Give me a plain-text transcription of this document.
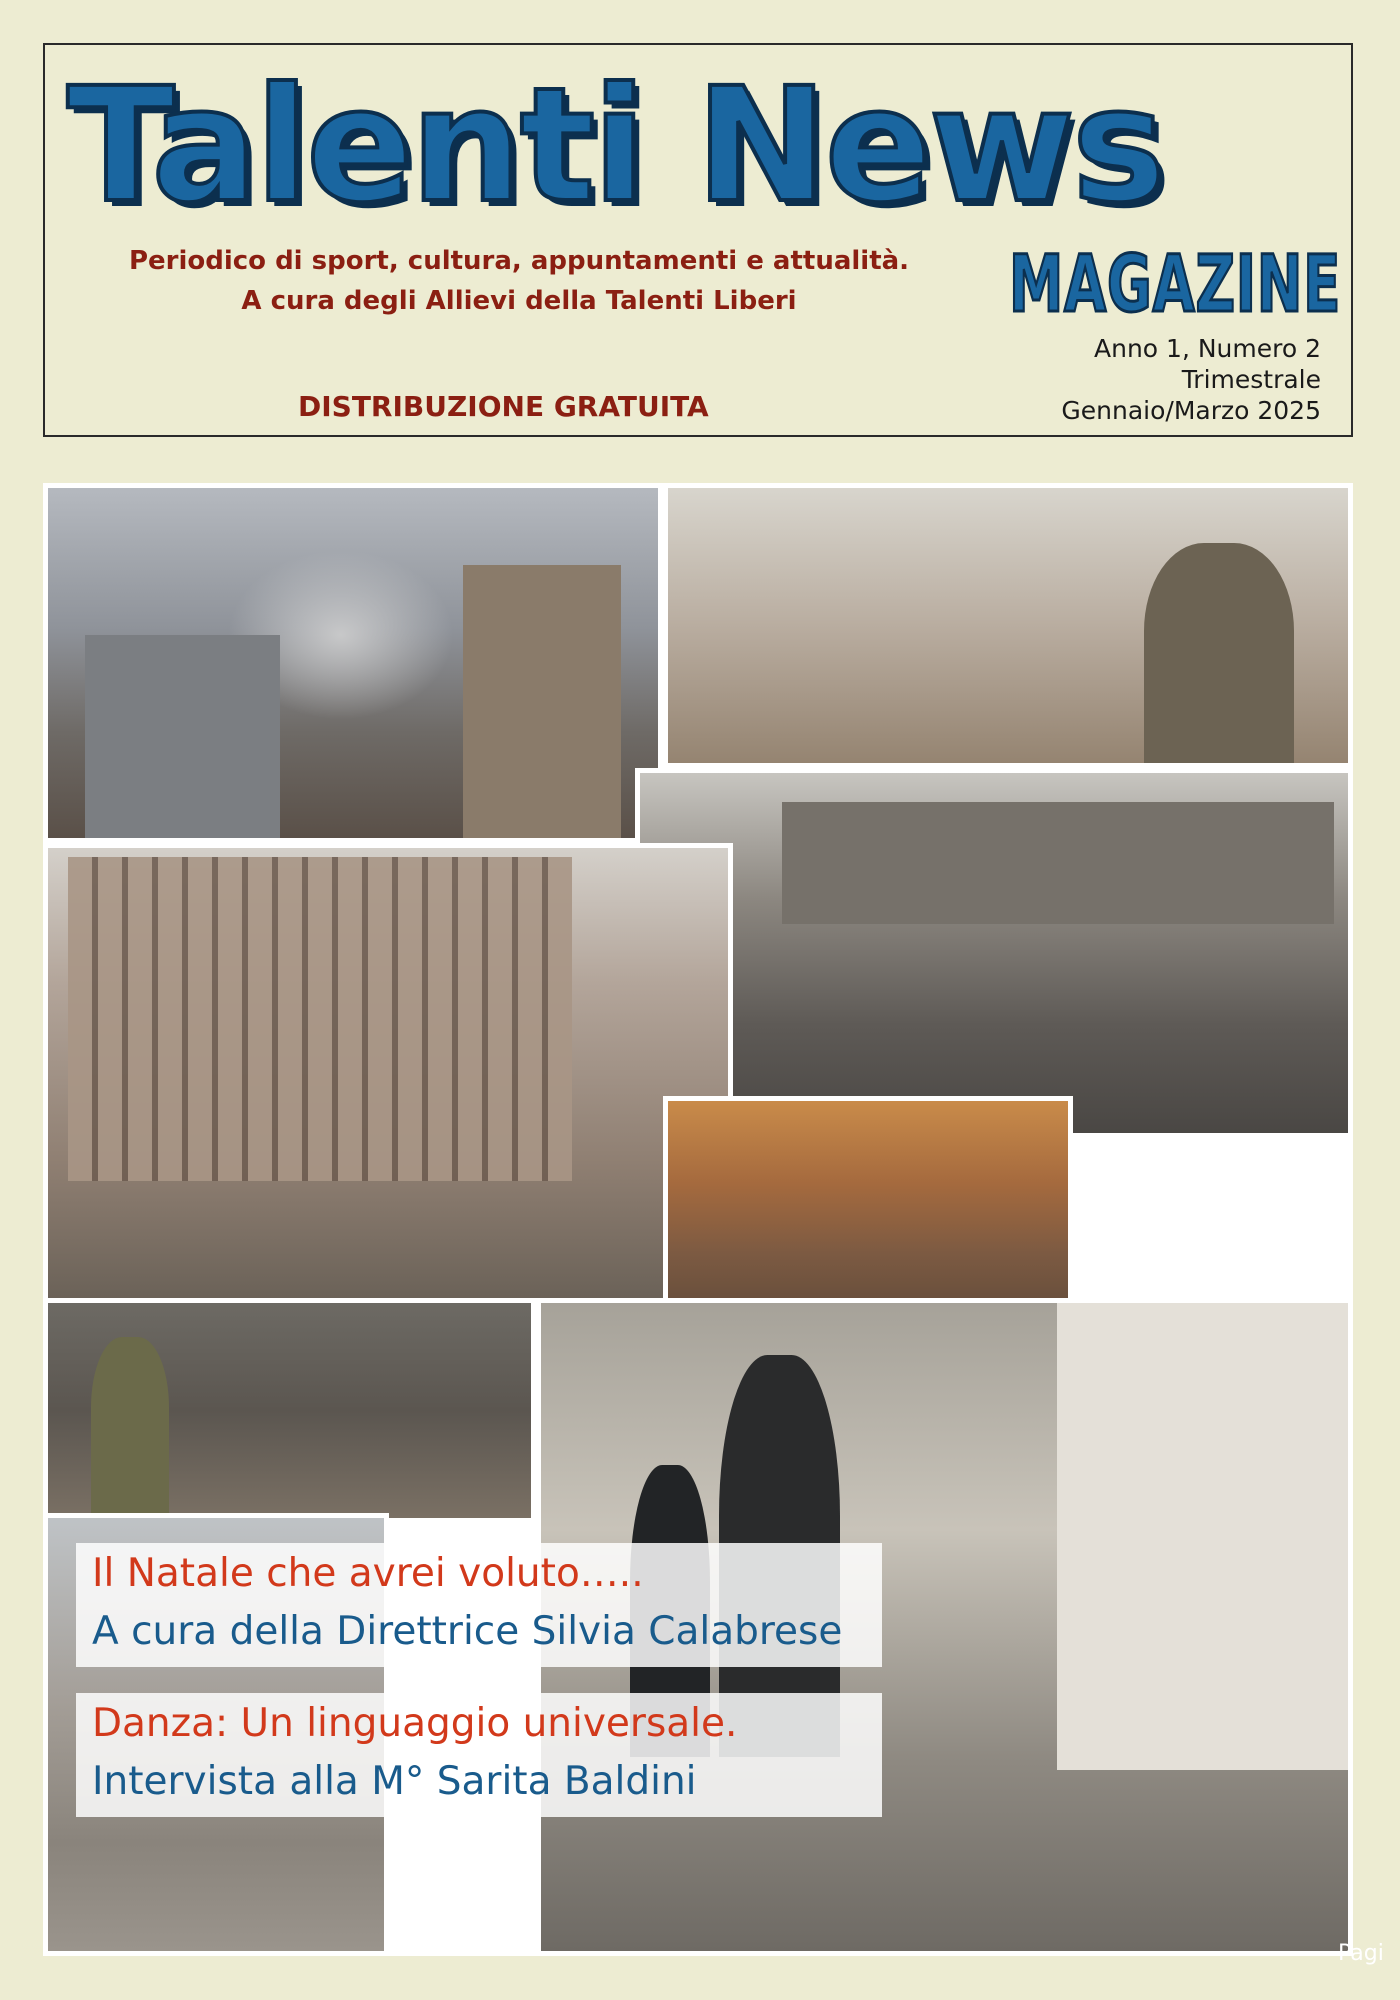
Talenti News
Periodico di sport, cultura, appuntamenti e attualità.
A cura degli Allievi della Talenti Liberi	MAGAZINE
Anno 1, Numero 2
Trimestrale
Gennaio/Marzo 2025
DISTRIBUZIONE GRATUITA
Il Natale che avrei voluto…..
A cura della Direttrice Silvia Calabrese
Danza: Un linguaggio universale.
Intervista alla M° Sarita Baldini
Pagi
